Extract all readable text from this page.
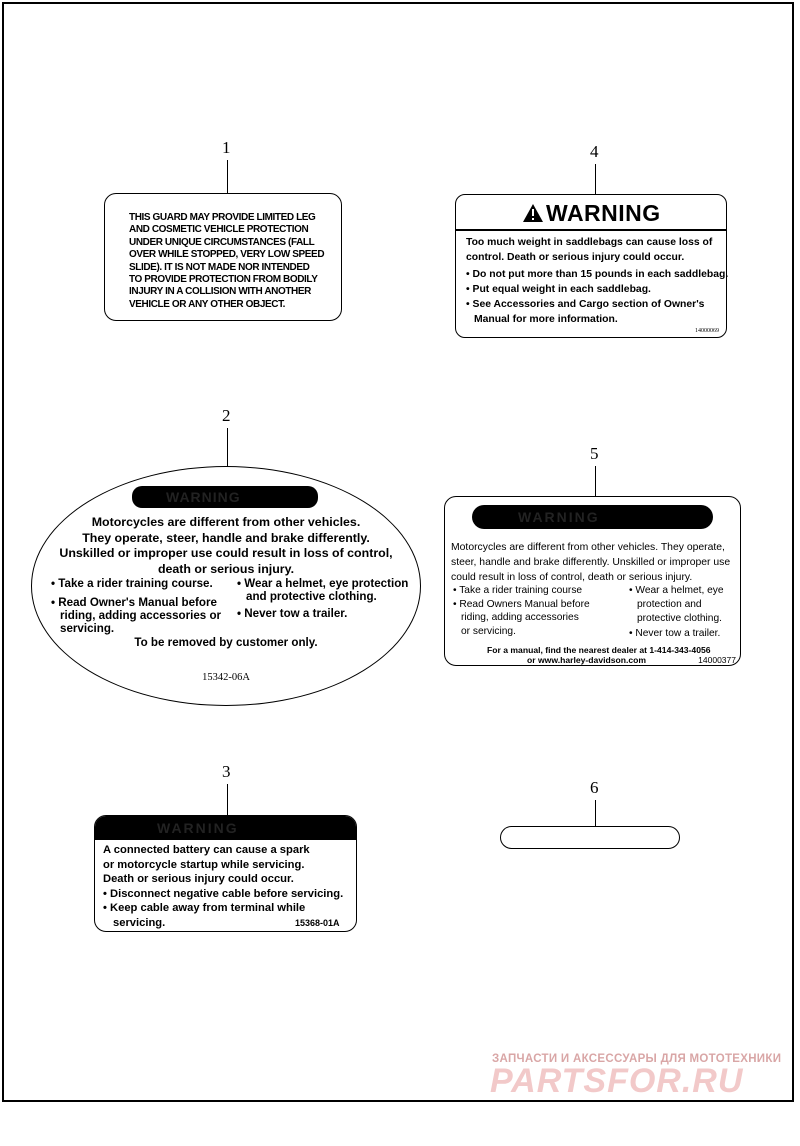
1
THIS GUARD MAY PROVIDE LIMITED LEG
AND COSMETIC VEHICLE PROTECTION
UNDER UNIQUE CIRCUMSTANCES (FALL
OVER WHILE STOPPED, VERY LOW SPEED
SLIDE). IT IS NOT MADE NOR INTENDED
TO PROVIDE PROTECTION FROM BODILY
INJURY IN A COLLISION WITH ANOTHER
VEHICLE OR ANY OTHER OBJECT.
4
WARNING
Too much weight in saddlebags can cause loss of
control. Death or serious injury could occur.
• Do not put more than 15 pounds in each saddlebag.
• Put equal weight in each saddlebag.
• See Accessories and Cargo section of Owner's
Manual for more information.
14000069
2
WARNING
Motorcycles are different from other vehicles.
They operate, steer, handle and brake differently.
Unskilled or improper use could result in loss of control,
death or serious injury.
• Take a rider training course.
• Read Owner's Manual before
riding, adding accessories or
servicing.
• Wear a helmet, eye protection
and protective clothing.
• Never tow a trailer.
To be removed by customer only.
15342-06A
5
WARNING
Motorcycles are different from other vehicles. They operate,
steer, handle and brake differently. Unskilled or improper use
could result in loss of control, death or serious injury.
• Take a rider training course
• Read Owners Manual before
riding, adding accessories
or servicing.
• Wear a helmet, eye
protection and
protective clothing.
• Never tow a trailer.
For a manual, find the nearest dealer at 1-414-343-4056
or www.harley-davidson.com	14000377
3
WARNING
A connected battery can cause a spark
or motorcycle startup while servicing.
Death or serious injury could occur.
• Disconnect negative cable before servicing.
• Keep cable away from terminal while
servicing.	15368-01A
6
ЗАПЧАСТИ И АКСЕССУАРЫ ДЛЯ МОТОТЕХНИКИ
PARTSFOR.RU
